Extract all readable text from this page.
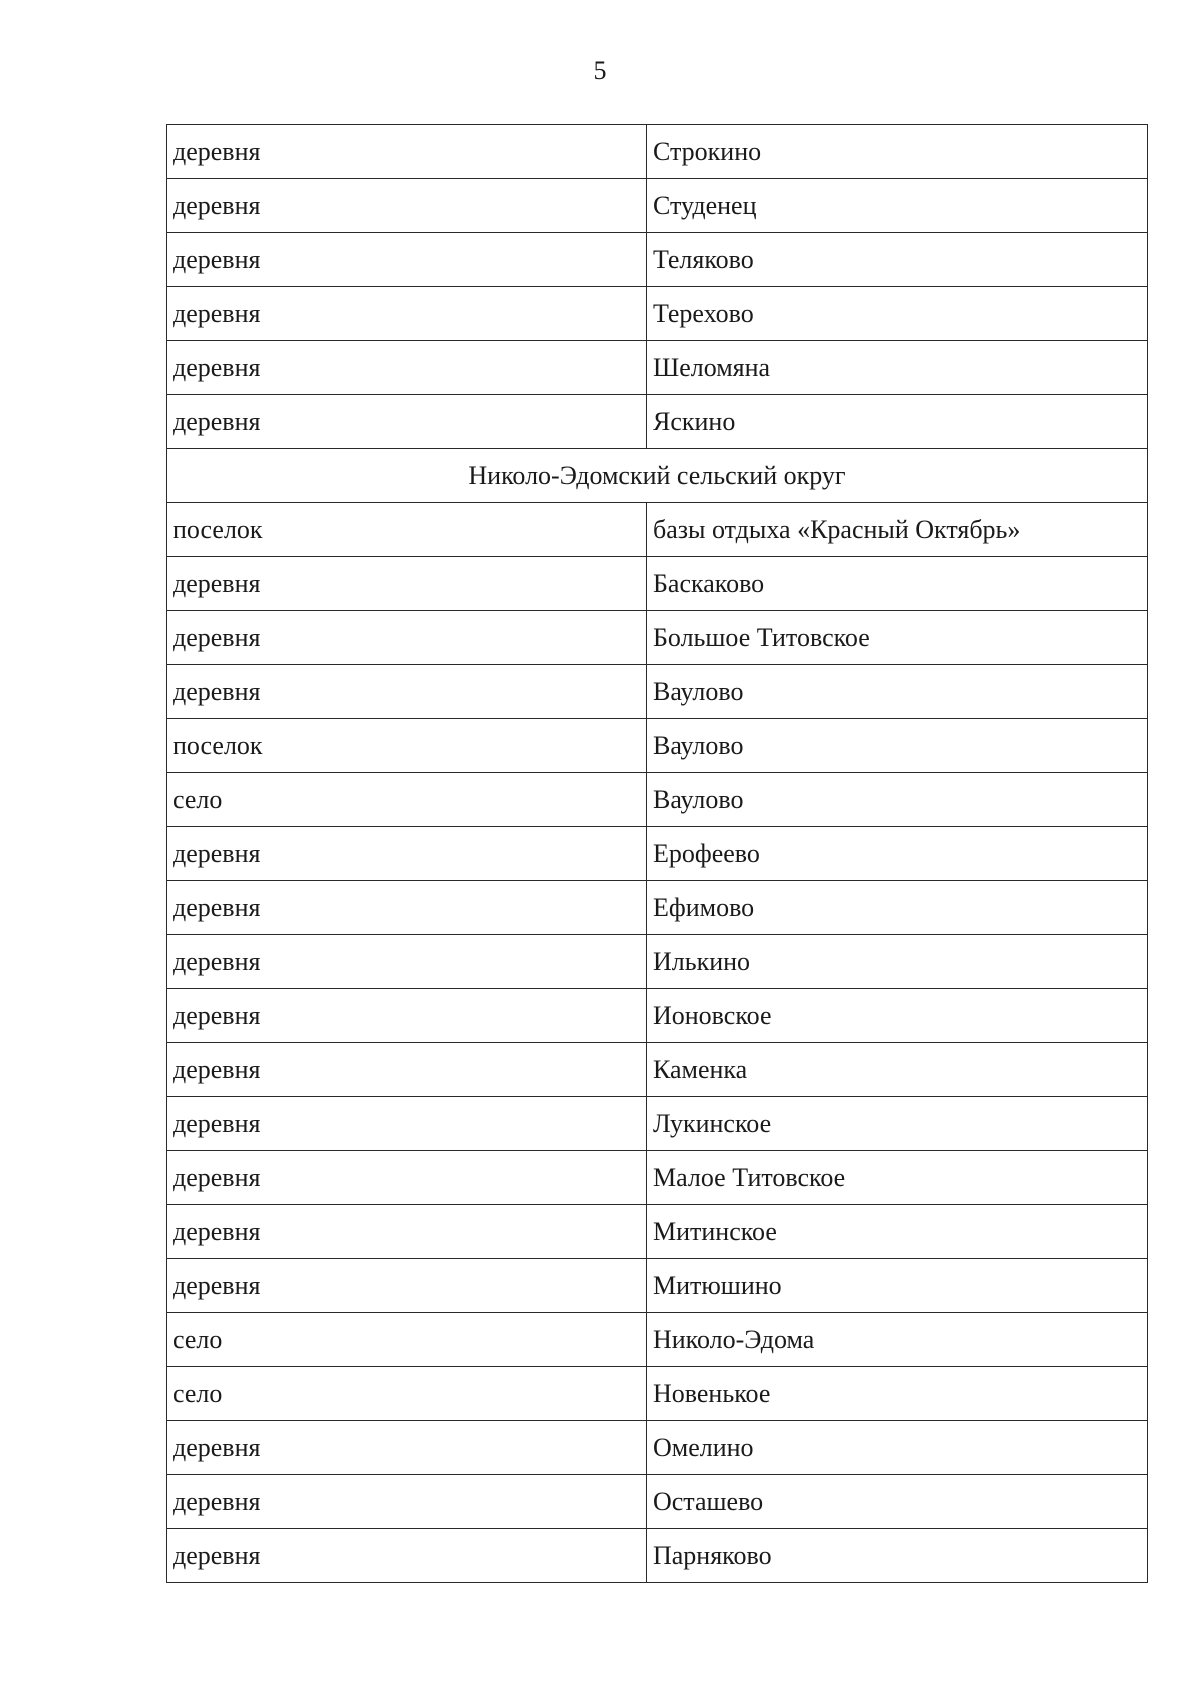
5
деревня	Строкино
деревня	Студенец
деревня	Теляково
деревня	Терехово
деревня	Шеломяна
деревня	Яскино
Николо-Эдомский сельский округ	
поселок	базы отдыха «Красный Октябрь»
деревня	Баскаково
деревня	Большое Титовское
деревня	Ваулово
поселок	Ваулово
село	Ваулово
деревня	Ерофеево
деревня	Ефимово
деревня	Илькино
деревня	Ионовское
деревня	Каменка
деревня	Лукинское
деревня	Малое Титовское
деревня	Митинское
деревня	Митюшино
село	Николо-Эдома
село	Новенькое
деревня	Омелино
деревня	Осташево
деревня	Парняково
